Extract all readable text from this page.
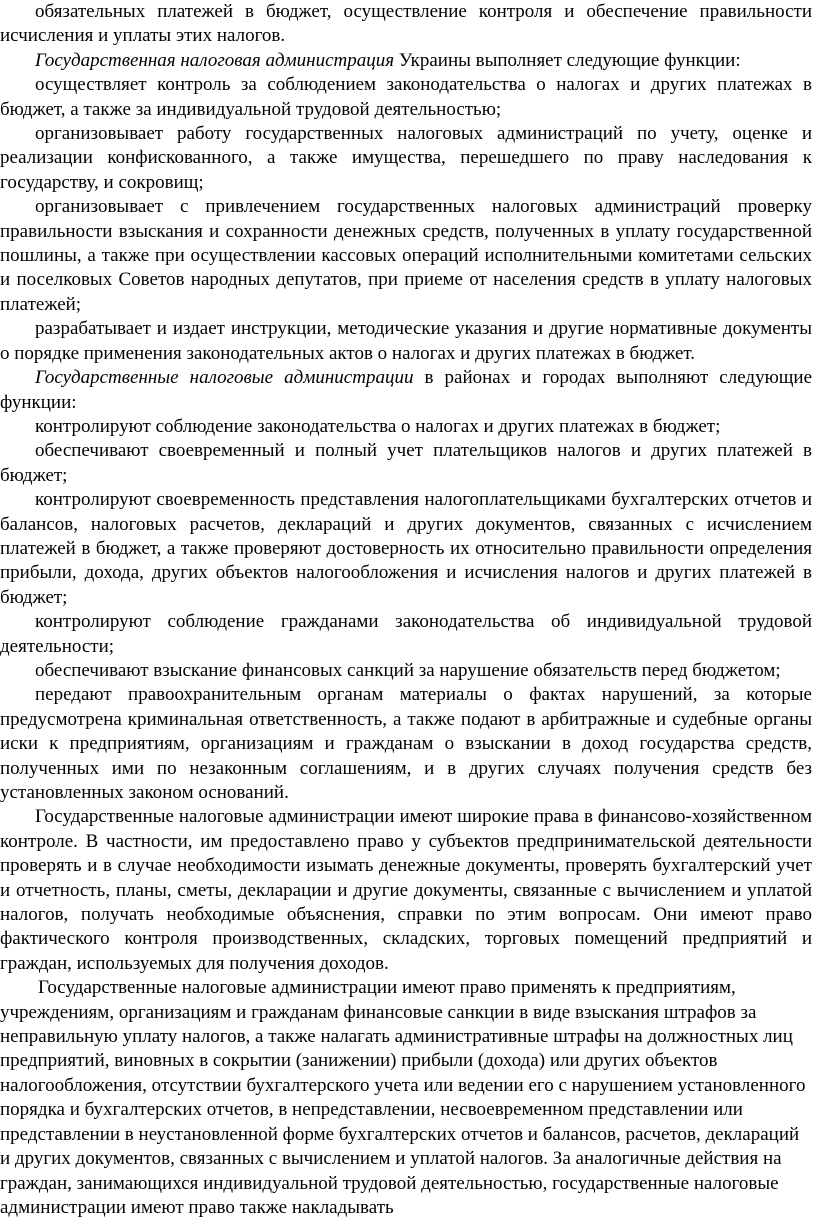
обязательных платежей в бюджет, осуществление контроля и обеспечение правильности исчисления и уплаты этих налогов.

Государственная налоговая администрация Украины выполняет следующие функции:

осуществляет контроль за соблюдением законодательства о налогах и других платежах в бюджет, а также за индивидуальной трудовой деятельностью;

организовывает работу государственных налоговых администраций по учету, оценке и реализации конфискованного, а также имущества, перешедшего по праву наследования к государству, и сокровищ;

организовывает с привлечением государственных налоговых администраций проверку правильности взыскания и сохранности денежных средств, полученных в уплату государственной пошлины, а также при осуществлении кассовых операций исполнительными комитетами сельских и поселковых Советов народных депутатов, при приеме от населения средств в уплату налоговых платежей;

разрабатывает и издает инструкции, методические указания и другие нормативные документы о порядке применения законодательных актов о налогах и других платежах в бюджет.

Государственные налоговые администрации в районах и городах выполняют следующие функции:

контролируют соблюдение законодательства о налогах и других платежах в бюджет;

обеспечивают своевременный и полный учет плательщиков налогов и других платежей в бюджет;

контролируют своевременность представления налогоплательщиками бухгалтерских отчетов и балансов, налоговых расчетов, деклараций и других документов, связанных с исчислением платежей в бюджет, а также проверяют достоверность их относительно правильности определения прибыли, дохода, других объектов налогообложения и исчисления налогов и других платежей в бюджет;

контролируют соблюдение гражданами законодательства об индивидуальной трудовой деятельности;

обеспечивают взыскание финансовых санкций за нарушение обязательств перед бюджетом;

передают правоохранительным органам материалы о фактах нарушений, за которые предусмотрена криминальная ответственность, а также подают в арбитражные и судебные органы иски к предприятиям, организациям и гражданам о взыскании в доход государства средств, полученных ими по незаконным соглашениям, и в других случаях получения средств без установленных законом оснований.

Государственные налоговые администрации имеют широкие права в финансово-хозяйственном контроле. В частности, им предоставлено право у субъектов предпринимательской деятельности проверять и в случае необходимости изымать денежные документы, проверять бухгалтерский учет и отчетность, планы, сметы, декларации и другие документы, связанные с вычислением и уплатой налогов, получать необходимые объяснения, справки по этим вопросам. Они имеют право фактического контроля производственных, складских, торговых помещений предприятий и граждан, используемых для получения доходов.

Государственные налоговые администрации имеют право применять к предприятиям, учреждениям, организациям и гражданам финансовые санкции в виде взыскания штрафов за неправильную уплату налогов, а также налагать административные штрафы на должностных лиц предприятий, виновных в сокрытии (занижении) прибыли (дохода) или других объектов налогообложения, отсутствии бухгалтерского учета или ведении его с нарушением установленного порядка и бухгалтерских отчетов, в непредставлении, несвоевременном представлении или представлении в неустановленной форме бухгалтерских отчетов и балансов, расчетов, деклараций и других документов, связанных с вычислением и уплатой налогов. За аналогичные действия на граждан, занимающихся индивидуальной трудовой деятельностью, государственные налоговые администрации имеют право также накладывать
